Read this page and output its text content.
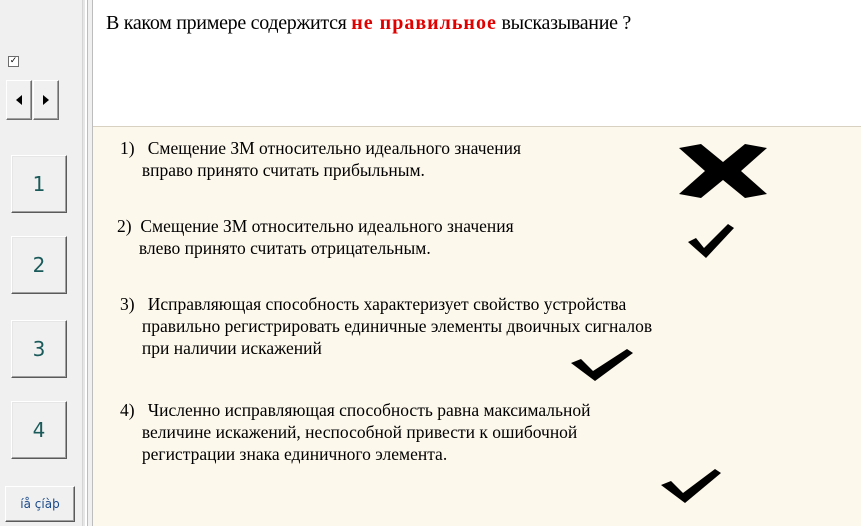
✓
1
2
3
4
íå çíàþ
В каком примере содержится не правильное высказывание ?
1)   Смещение ЗМ относительно идеального значения
вправо принято считать прибыльным.
2)  Смещение ЗМ относительно идеального значения
влево принято считать отрицательным.
3)   Исправляющая способность характеризует свойство устройства
правильно регистрировать единичные элементы двоичных сигналов
при наличии искажений
4)   Численно исправляющая способность равна максимальной
величине искажений, неспособной привести к ошибочной
регистрации знака единичного элемента.
